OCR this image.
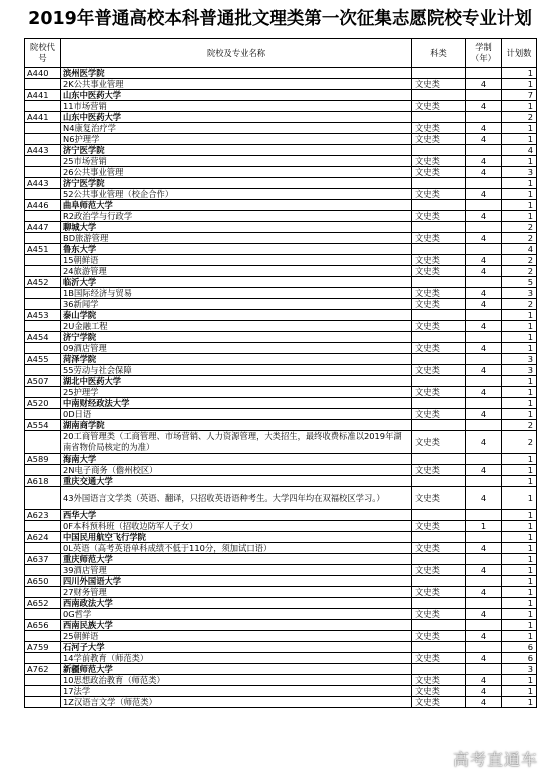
2019年普通高校本科普通批文理类第一次征集志愿院校专业计划
院校代号	院校及专业名称	科类	学制（年）	计划数
A440	滨州医学院			1
	2K公共事业管理	文史类	4	1
A441	山东中医药大学			7
	11市场营销	文史类	4	1
A441	山东中医药大学			2
	N4康复治疗学	文史类	4	1
	N6护理学	文史类	4	1
A443	济宁医学院			4
	25市场营销	文史类	4	1
	26公共事业管理	文史类	4	3
A443	济宁医学院			1
	52公共事业管理（校企合作）	文史类	4	1
A446	曲阜师范大学			1
	R2政治学与行政学	文史类	4	1
A447	聊城大学			2
	BD旅游管理	文史类	4	2
A451	鲁东大学			4
	15朝鲜语	文史类	4	2
	24旅游管理	文史类	4	2
A452	临沂大学			5
	1B国际经济与贸易	文史类	4	3
	36新闻学	文史类	4	2
A453	泰山学院			1
	2U金融工程	文史类	4	1
A454	济宁学院			1
	09酒店管理	文史类	4	1
A455	菏泽学院			3
	55劳动与社会保障	文史类	4	3
A507	湖北中医药大学			1
	25护理学	文史类	4	1
A520	中南财经政法大学			1
	0D日语	文史类	4	1
A554	湖南商学院			2
	20工商管理类（工商管理、市场营销、人力资源管理，大类招生，最终收费标准以2019年湖南省物价局核定的为准）	文史类	4	2
A589	海南大学			1
	2N电子商务（儋州校区）	文史类	4	1
A618	重庆交通大学			1
	43外国语言文学类（英语、翻译，只招收英语语种考生。大学四年均在双福校区学习。）	文史类	4	1
A623	西华大学			1
	0F本科预科班（招收边防军人子女）	文史类	1	1
A624	中国民用航空飞行学院			1
	0L英语（高考英语单科成绩不低于110分，须加试口语）	文史类	4	1
A637	重庆师范大学			1
	39酒店管理	文史类	4	1
A650	四川外国语大学			1
	27财务管理	文史类	4	1
A652	西南政法大学			1
	0G哲学	文史类	4	1
A656	西南民族大学			1
	25朝鲜语	文史类	4	1
A759	石河子大学			6
	14学前教育（师范类）	文史类	4	6
A762	新疆师范大学			3
	10思想政治教育（师范类）	文史类	4	1
	17法学	文史类	4	1
	1Z汉语言文学（师范类）	文史类	4	1
高考直通车
